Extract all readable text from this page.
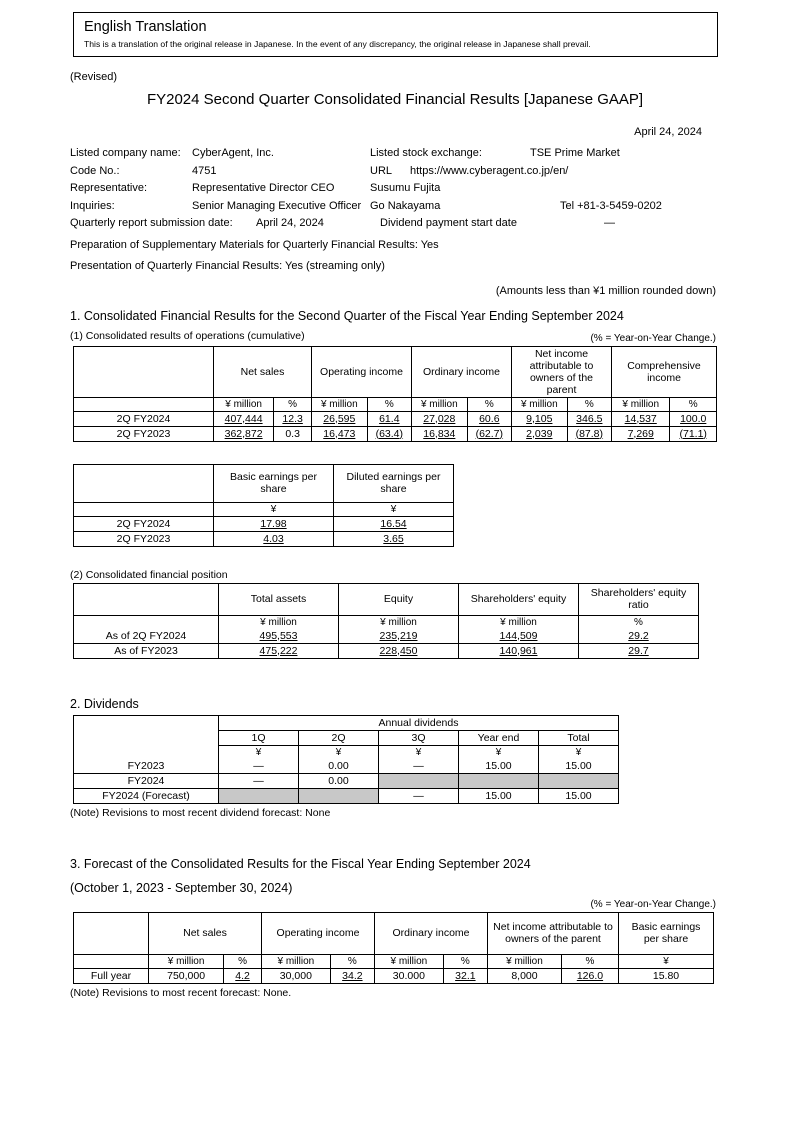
English Translation
This is a translation of the original release in Japanese. In the event of any discrepancy, the original release in Japanese shall prevail.
(Revised)
FY2024 Second Quarter Consolidated Financial Results [Japanese GAAP]
April 24, 2024
Listed company name:	CyberAgent, Inc.	Listed stock exchange:	TSE Prime Market
Code No.:	4751	URL	https://www.cyberagent.co.jp/en/
Representative:	Representative Director CEO	Susumu Fujita
Inquiries:	Senior Managing Executive Officer Go Nakayama	Tel +81-3-5459-0202
Quarterly report submission date:	April 24, 2024	Dividend payment start date	—
Preparation of Supplementary Materials for Quarterly Financial Results: Yes
Presentation of Quarterly Financial Results: Yes (streaming only)
(Amounts less than ¥1 million rounded down)
1. Consolidated Financial Results for the Second Quarter of the Fiscal Year Ending September 2024
(1) Consolidated results of operations (cumulative)	(% = Year-on-Year Change.)
	Net sales		Operating income		Ordinary income		Net income attributable to owners of the parent		Comprehensive income	
	¥ million	%	¥ million	%	¥ million	%	¥ million	%	¥ million	%
2Q FY2024	407,444	12.3	26,595	61.4	27,028	60.6	9,105	346.5	14,537	100.0
2Q FY2023	362,872	0.3	16,473	(63.4)	16,834	(62.7)	2,039	(87.8)	7,269	(71.1)
	Basic earnings per share	Diluted earnings per share
	¥	¥
2Q FY2024	17.98	16.54
2Q FY2023	4.03	3.65
(2) Consolidated financial position
	Total assets	Equity	Shareholders' equity	Shareholders' equity ratio
	¥ million	¥ million	¥ million	%
As of 2Q FY2024	495,553	235,219	144,509	29.2
As of FY2023	475,222	228,450	140,961	29.7
2. Dividends
	Annual dividends				
	1Q	2Q	3Q	Year end	Total
	¥	¥	¥	¥	¥
FY2023	—	0.00	—	15.00	15.00
FY2024	—	0.00			
FY2024 (Forecast)			—	15.00	15.00
(Note) Revisions to most recent dividend forecast: None
3. Forecast of the Consolidated Results for the Fiscal Year Ending September 2024
(October 1, 2023 - September 30, 2024)
(% = Year-on-Year Change.)
	Net sales		Operating income		Ordinary income		Net income attributable to owners of the parent		Basic earnings per share
	¥ million	%	¥ million	%	¥ million	%	¥ million	%	¥
Full year	750,000	4.2	30,000	34.2	30.000	32.1	8,000	126.0	15.80
(Note) Revisions to most recent forecast: None.
